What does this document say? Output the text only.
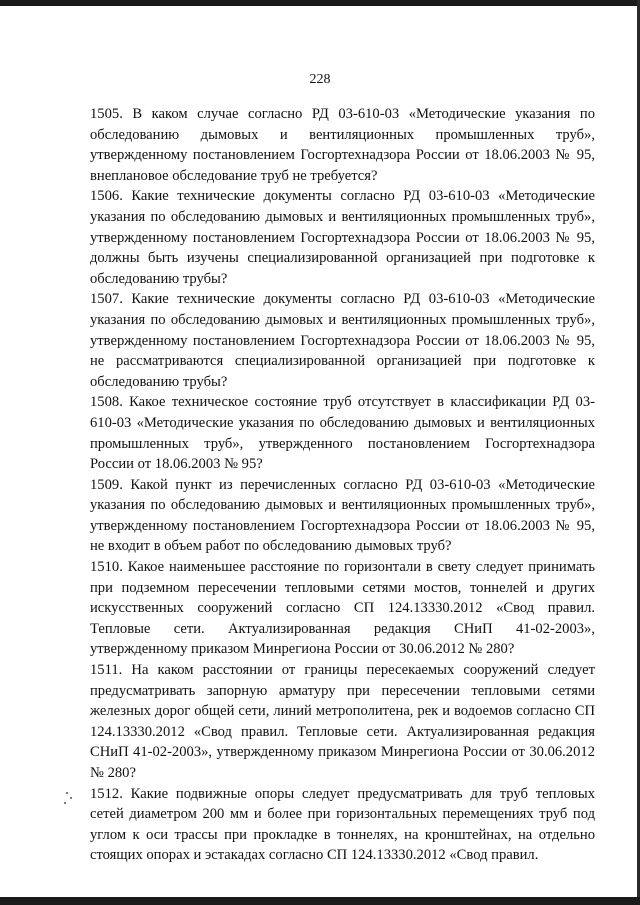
228

1505. В каком случае согласно РД 03-610-03 «Методические указания по обследованию дымовых и вентиляционных промышленных труб», утвержденному постановлением Госгортехнадзора России от 18.06.2003 № 95, внеплановое обследование труб не требуется?

1506. Какие технические документы согласно РД 03-610-03 «Методические указания по обследованию дымовых и вентиляционных промышленных труб», утвержденному постановлением Госгортехнадзора России от 18.06.2003 № 95, должны быть изучены специализированной организацией при подготовке к обследованию трубы?

1507. Какие технические документы согласно РД 03-610-03 «Методические указания по обследованию дымовых и вентиляционных промышленных труб», утвержденному постановлением Госгортехнадзора России от 18.06.2003 № 95, не рассматриваются специализированной организацией при подготовке к обследованию трубы?

1508. Какое техническое состояние труб отсутствует в классификации РД 03-610-03 «Методические указания по обследованию дымовых и вентиляционных промышленных труб», утвержденного постановлением Госгортехнадзора России от 18.06.2003 № 95?

1509. Какой пункт из перечисленных согласно РД 03-610-03 «Методические указания по обследованию дымовых и вентиляционных промышленных труб», утвержденному постановлением Госгортехнадзора России от 18.06.2003 № 95, не входит в объем работ по обследованию дымовых труб?

1510. Какое наименьшее расстояние по горизонтали в свету следует принимать при подземном пересечении тепловыми сетями мостов, тоннелей и других искусственных сооружений согласно СП 124.13330.2012 «Свод правил. Тепловые сети. Актуализированная редакция СНиП 41-02-2003», утвержденному приказом Минрегиона России от 30.06.2012 № 280?

1511. На каком расстоянии от границы пересекаемых сооружений следует предусматривать запорную арматуру при пересечении тепловыми сетями железных дорог общей сети, линий метрополитена, рек и водоемов согласно СП 124.13330.2012 «Свод правил. Тепловые сети. Актуализированная редакция СНиП 41-02-2003», утвержденному приказом Минрегиона России от 30.06.2012 № 280?

1512. Какие подвижные опоры следует предусматривать для труб тепловых сетей диаметром 200 мм и более при горизонтальных перемещениях труб под углом к оси трассы при прокладке в тоннелях, на кронштейнах, на отдельно стоящих опорах и эстакадах согласно СП 124.13330.2012 «Свод правил.
